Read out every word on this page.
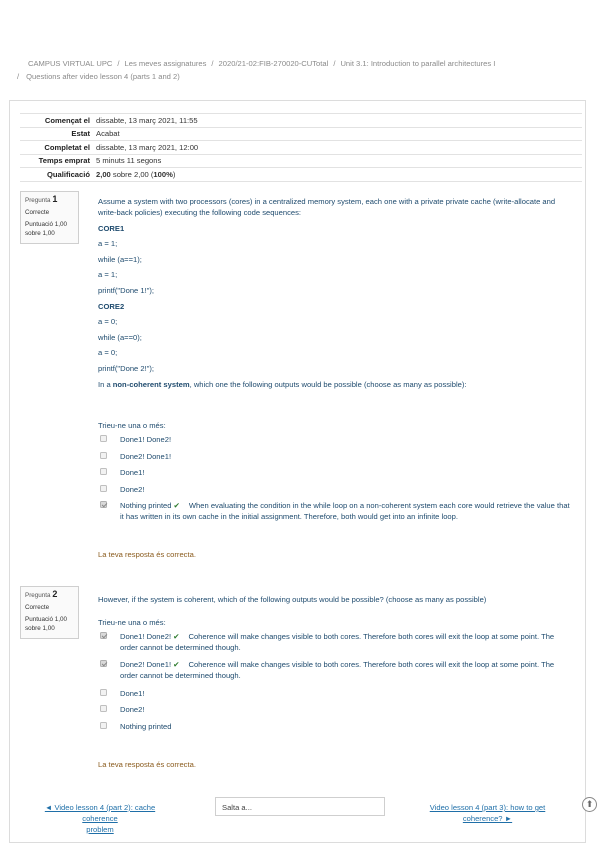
CAMPUS VIRTUAL UPC / Les meves assignatures / 2020/21-02:FIB-270020-CUTotal / Unit 3.1: Introduction to parallel architectures I
/ Questions after video lesson 4 (parts 1 and 2)
Començat el	dissabte, 13 març 2021, 11:55
Estat	Acabat
Completat el	dissabte, 13 març 2021, 12:00
Temps emprat	5 minuts 11 segons
Qualificació	2,00 sobre 2,00 (100%)
Pregunta 1
Correcte
Puntuació 1,00
sobre 1,00

Assume a system with two processors (cores) in a centralized memory system, each one with a private private cache (write-allocate and write-back policies) executing the following code sequences:

CORE1

a = 1;

while (a==1);

a = 1;

printf("Done 1!");

CORE2

a = 0;

while (a==0);

a = 0;

printf("Done 2!");

In a non-coherent system, which one the following outputs would be possible (choose as many as possible):

Trieu-ne una o més:
Done1! Done2!
Done2! Done1!
Done1!
Done2!
Nothing printed ✔ When evaluating the condition in the while loop on a non-coherent system each core would retrieve the value that it has written in its own cache in the initial assignment. Therefore, both would get into an infinite loop.
La teva resposta és correcta.
Pregunta 2
Correcte
Puntuació 1,00
sobre 1,00

However, if the system is coherent, which of the following outputs would be possible? (choose as many as possible)

Trieu-ne una o més:
Done1! Done2! ✔ Coherence will make changes visible to both cores. Therefore both cores will exit the loop at some point. The order cannot be determined though.
Done2! Done1! ✔ Coherence will make changes visible to both cores. Therefore both cores will exit the loop at some point. The order cannot be determined though.
Done1!
Done2!
Nothing printed
La teva resposta és correcta.
◄ Video lesson 4 (part 2): cache coherence
problem
Salta a...	Video lesson 4 (part 3): how to get
coherence? ►
⬆
